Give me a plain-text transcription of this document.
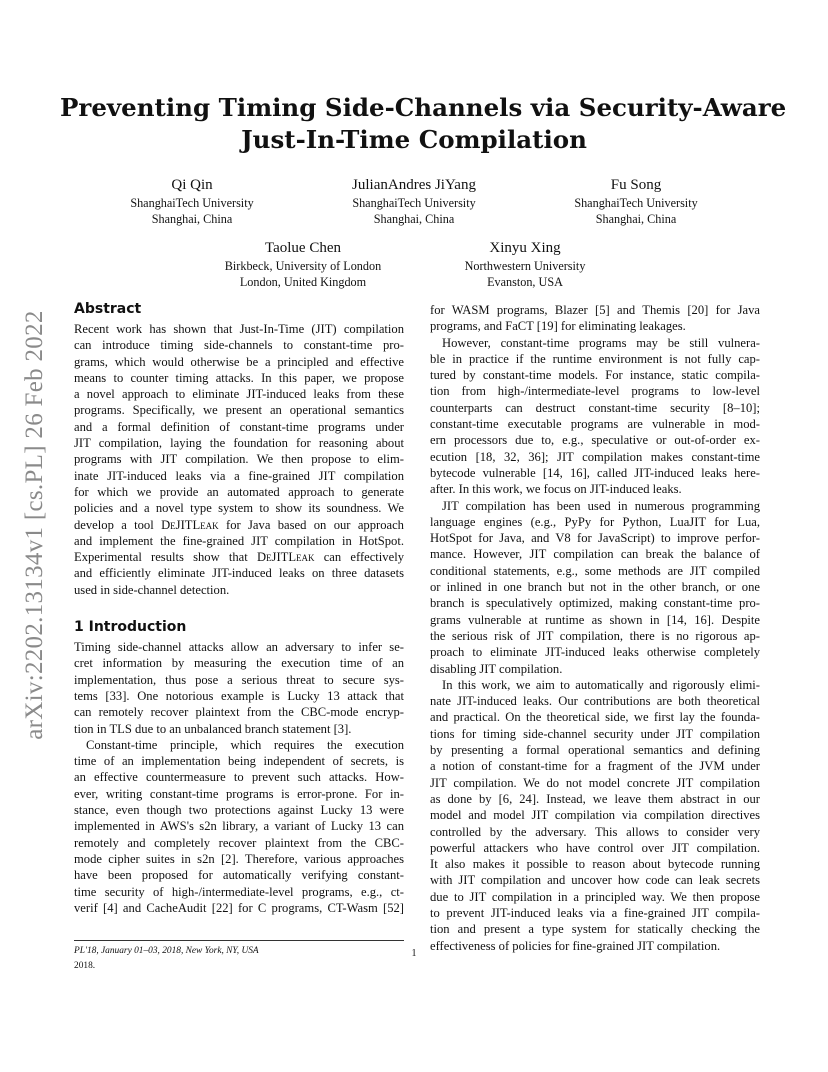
arXiv:2202.13134v1 [cs.PL] 26 Feb 2022
Preventing Timing Side-Channels via Security-Aware
Just-In-Time Compilation
Qi Qin
ShanghaiTech University
Shanghai, China
JulianAndres JiYang
ShanghaiTech University
Shanghai, China
Fu Song
ShanghaiTech University
Shanghai, China
Taolue Chen
Birkbeck, University of London
London, United Kingdom
Xinyu Xing
Northwestern University
Evanston, USA
Abstract

Recent work has shown that Just-In-Time (JIT) compilation
can introduce timing side-channels to constant-time pro-
grams, which would otherwise be a principled and effective
means to counter timing attacks. In this paper, we propose
a novel approach to eliminate JIT-induced leaks from these
programs. Specifically, we present an operational semantics
and a formal definition of constant-time programs under
JIT compilation, laying the foundation for reasoning about
programs with JIT compilation. We then propose to elim-
inate JIT-induced leaks via a fine-grained JIT compilation
for which we provide an automated approach to generate
policies and a novel type system to show its soundness. We
develop a tool DeJITLeak for Java based on our approach
and implement the fine-grained JIT compilation in HotSpot.
Experimental results show that DeJITLeak can effectively
and efficiently eliminate JIT-induced leaks on three datasets
used in side-channel detection.

1 Introduction

Timing side-channel attacks allow an adversary to infer se-
cret information by measuring the execution time of an
implementation, thus pose a serious threat to secure sys-
tems [33]. One notorious example is Lucky 13 attack that
can remotely recover plaintext from the CBC-mode encryp-
tion in TLS due to an unbalanced branch statement [3].

Constant-time principle, which requires the execution
time of an implementation being independent of secrets, is
an effective countermeasure to prevent such attacks. How-
ever, writing constant-time programs is error-prone. For in-
stance, even though two protections against Lucky 13 were
implemented in AWS's s2n library, a variant of Lucky 13 can
remotely and completely recover plaintext from the CBC-
mode cipher suites in s2n [2]. Therefore, various approaches
have been proposed for automatically verifying constant-
time security of high-/intermediate-level programs, e.g., ct-
verif [4] and CacheAudit [22] for C programs, CT-Wasm [52]

for WASM programs, Blazer [5] and Themis [20] for Java
programs, and FaCT [19] for eliminating leakages.

However, constant-time programs may be still vulnera-
ble in practice if the runtime environment is not fully cap-
tured by constant-time models. For instance, static compila-
tion from high-/intermediate-level programs to low-level
counterparts can destruct constant-time security [8–10];
constant-time executable programs are vulnerable in mod-
ern processors due to, e.g., speculative or out-of-order ex-
ecution [18, 32, 36]; JIT compilation makes constant-time
bytecode vulnerable [14, 16], called JIT-induced leaks here-
after. In this work, we focus on JIT-induced leaks.

JIT compilation has been used in numerous programming
language engines (e.g., PyPy for Python, LuaJIT for Lua,
HotSpot for Java, and V8 for JavaScript) to improve perfor-
mance. However, JIT compilation can break the balance of
conditional statements, e.g., some methods are JIT compiled
or inlined in one branch but not in the other branch, or one
branch is speculatively optimized, making constant-time pro-
grams vulnerable at runtime as shown in [14, 16]. Despite
the serious risk of JIT compilation, there is no rigorous ap-
proach to eliminate JIT-induced leaks otherwise completely
disabling JIT compilation.

In this work, we aim to automatically and rigorously elimi-
nate JIT-induced leaks. Our contributions are both theoretical
and practical. On the theoretical side, we first lay the founda-
tions for timing side-channel security under JIT compilation
by presenting a formal operational semantics and defining
a notion of constant-time for a fragment of the JVM under
JIT compilation. We do not model concrete JIT compilation
as done by [6, 24]. Instead, we leave them abstract in our
model and model JIT compilation via compilation directives
controlled by the adversary. This allows to consider very
powerful attackers who have control over JIT compilation.
It also makes it possible to reason about bytecode running
with JIT compilation and uncover how code can leak secrets
due to JIT compilation in a principled way. We then propose
to prevent JIT-induced leaks via a fine-grained JIT compila-
tion and present a type system for statically checking the
effectiveness of policies for fine-grained JIT compilation.

PL'18, January 01–03, 2018, New York, NY, USA
2018.
1
